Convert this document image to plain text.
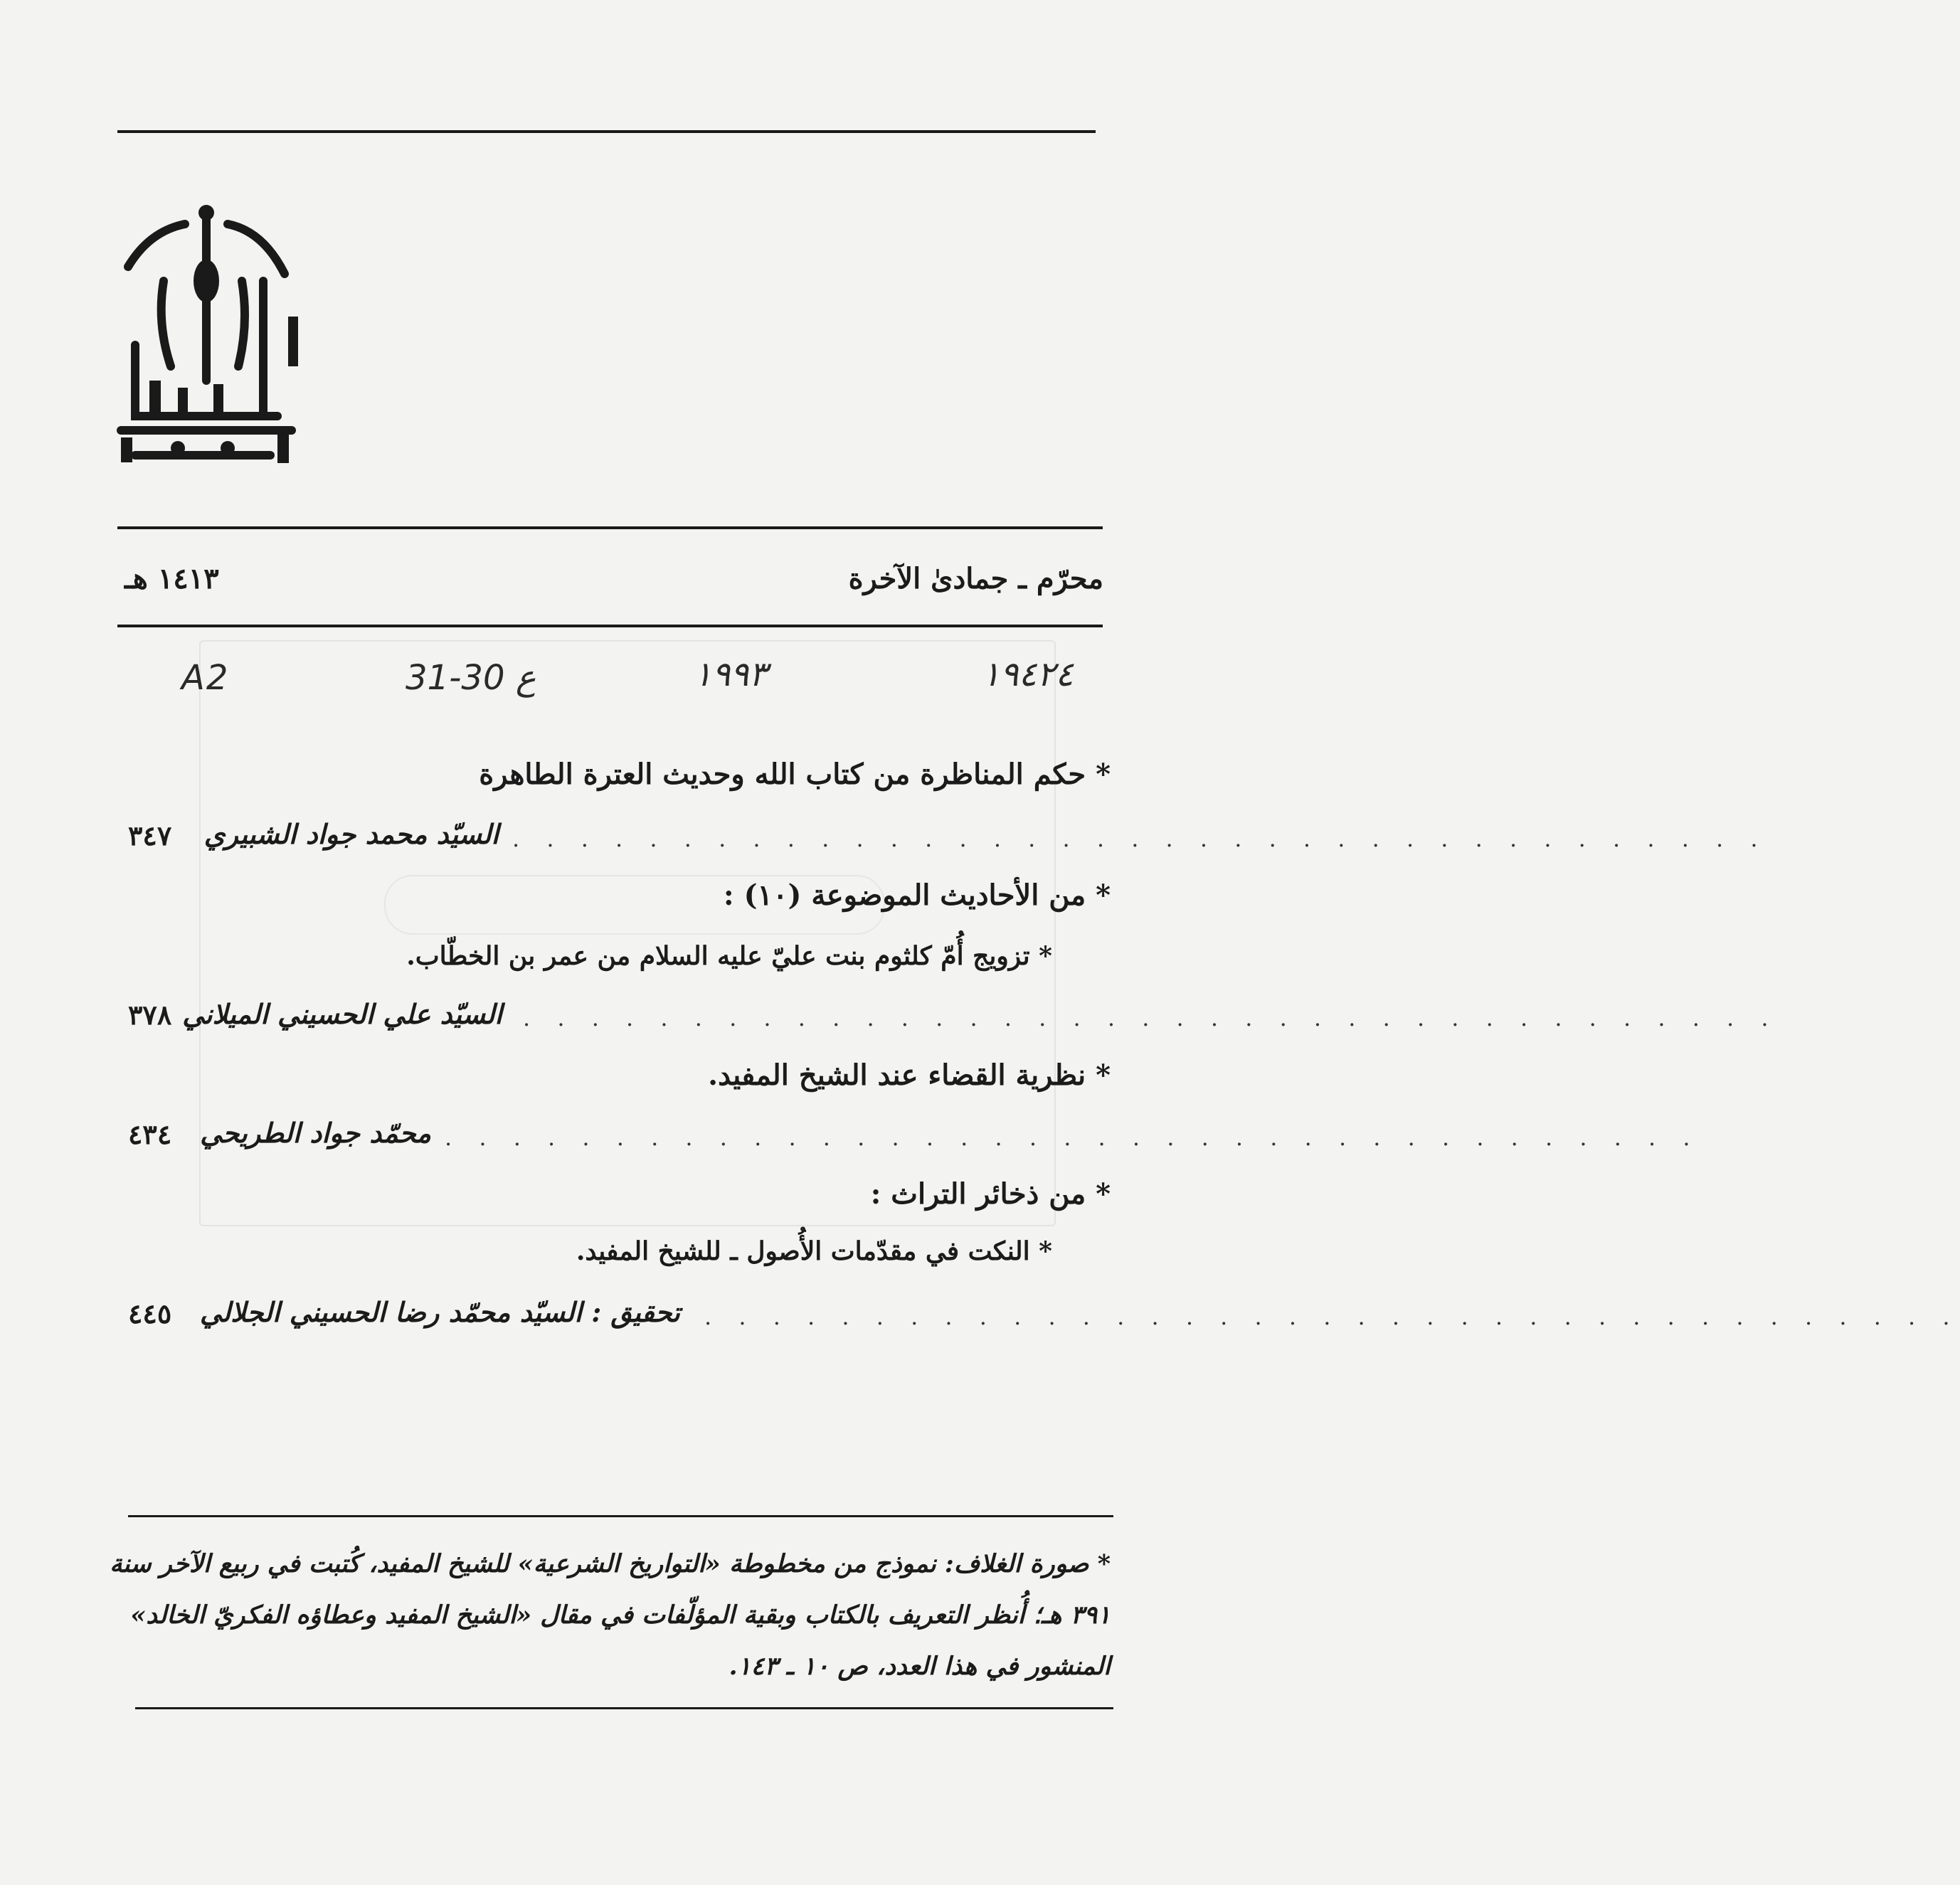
محرّم ـ جمادىٰ الآخرة
١٤١٣ هـ
١٩٤٢٤
١٩٩٣
31-30 ع
A2
* حكم المناظرة من كتاب الله وحديث العترة الطاهرة
السيّد محمد جواد الشبيري . . . . . . . . . . . . . . . . . . . . . . . . . . . . . . . . . . . . .
٣٤٧
* من الأحاديث الموضوعة (١٠) :
* تزويج أُمّ كلثوم بنت عليّ عليه السلام من عمر بن الخطّاب.
السيّد علي الحسيني الميلاني . . . . . . . . . . . . . . . . . . . . . . . . . . . . . . . . . . . . .
٣٧٨
* نظرية القضاء عند الشيخ المفيد.
محمّد جواد الطريحي . . . . . . . . . . . . . . . . . . . . . . . . . . . . . . . . . . . . .
٤٣٤
* من ذخائر التراث :
* النكت في مقدّمات الأُصول ـ للشيخ المفيد.
تحقيق : السيّد محمّد رضا الحسيني الجلالي . . . . . . . . . . . . . . . . . . . . . . . . . . . . . . . . . . . . .
٤٤٥
* صورة الغلاف: نموذج من مخطوطة «التواريخ الشرعية» للشيخ المفيد، كُتبت في ربيع الآخر سنة
٣٩١ هـ؛ أُنظر التعريف بالكتاب وبقية المؤلّفات في مقال «الشيخ المفيد وعطاؤه الفكريّ الخالد»
المنشور في هذا العدد، ص ١٠ ـ ١٤٣.
